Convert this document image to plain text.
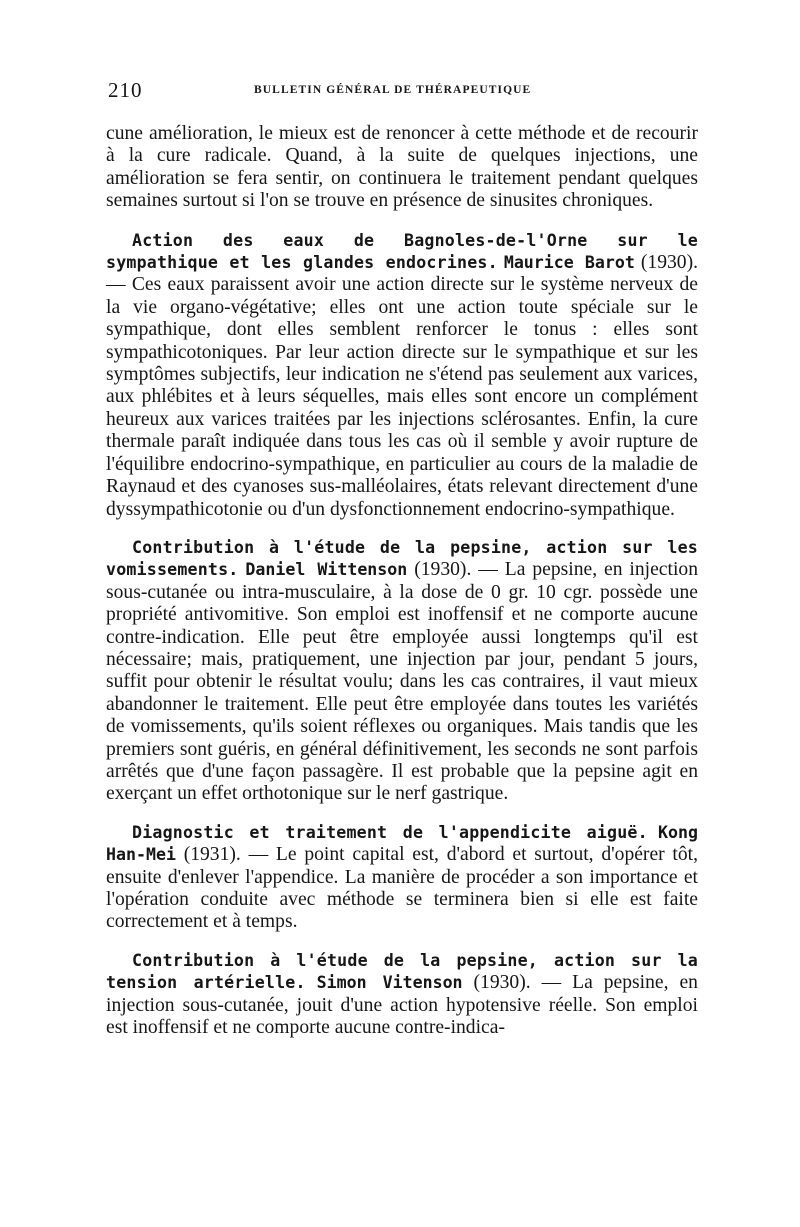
210	BULLETIN GÉNÉRAL DE THÉRAPEUTIQUE

cune amélioration, le mieux est de renoncer à cette méthode et de recourir à la cure radicale. Quand, à la suite de quelques injections, une amélioration se fera sentir, on continuera le traitement pendant quelques semaines surtout si l'on se trouve en présence de sinusites chroniques.

Action des eaux de Bagnoles-de-l'Orne sur le sympathique et les glandes endocrines. Maurice Barot (1930). — Ces eaux paraissent avoir une action directe sur le système nerveux de la vie organo-végétative; elles ont une action toute spéciale sur le sympathique, dont elles semblent renforcer le tonus : elles sont sympathicotoniques. Par leur action directe sur le sympathique et sur les symptômes subjectifs, leur indication ne s'étend pas seulement aux varices, aux phlébites et à leurs séquelles, mais elles sont encore un complément heureux aux varices traitées par les injections sclérosantes. Enfin, la cure thermale paraît indiquée dans tous les cas où il semble y avoir rupture de l'équilibre endocrino-sympathique, en particulier au cours de la maladie de Raynaud et des cyanoses sus-malléolaires, états relevant directement d'une dyssympathicotonie ou d'un dysfonctionnement endocrino-sympathique.

Contribution à l'étude de la pepsine, action sur les vomissements. Daniel Wittenson (1930). — La pepsine, en injection sous-cutanée ou intra-musculaire, à la dose de 0 gr. 10 cgr. possède une propriété antivomitive. Son emploi est inoffensif et ne comporte aucune contre-indication. Elle peut être employée aussi longtemps qu'il est nécessaire; mais, pratiquement, une injection par jour, pendant 5 jours, suffit pour obtenir le résultat voulu; dans les cas contraires, il vaut mieux abandonner le traitement. Elle peut être employée dans toutes les variétés de vomissements, qu'ils soient réflexes ou organiques. Mais tandis que les premiers sont guéris, en général définitivement, les seconds ne sont parfois arrêtés que d'une façon passagère. Il est probable que la pepsine agit en exerçant un effet orthotonique sur le nerf gastrique.

Diagnostic et traitement de l'appendicite aiguë. Kong Han-Mei (1931). — Le point capital est, d'abord et surtout, d'opérer tôt, ensuite d'enlever l'appendice. La manière de procéder a son importance et l'opération conduite avec méthode se terminera bien si elle est faite correctement et à temps.

Contribution à l'étude de la pepsine, action sur la tension artérielle. Simon Vitenson (1930). — La pepsine, en injection sous-cutanée, jouit d'une action hypotensive réelle. Son emploi est inoffensif et ne comporte aucune contre-indica-
